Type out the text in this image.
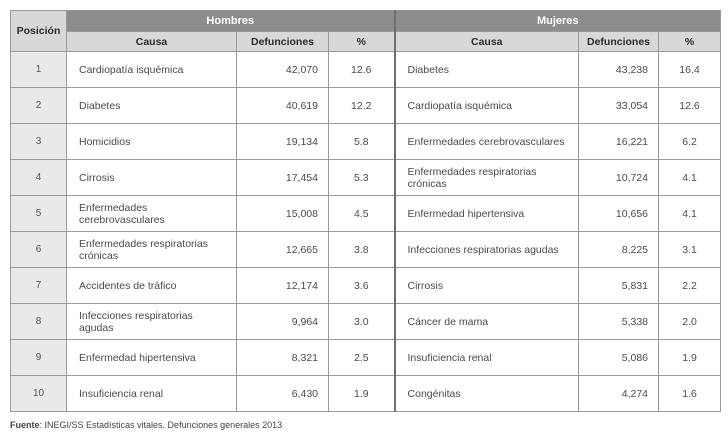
Posición	Hombres			Mujeres		
	Causa	Defunciones	%	Causa	Defunciones	%
1	Cardiopatía isquémica	42,070	12.6	Diabetes	43,238	16.4
2	Diabetes	40,619	12.2	Cardiopatía isquémica	33,054	12.6
3	Homicidios	19,134	5.8	Enfermedades cerebrovasculares	16,221	6.2
4	Cirrosis	17,454	5.3	Enfermedades respiratorias crónicas	10,724	4.1
5	Enfermedades cerebrovasculares	15,008	4.5	Enfermedad hipertensiva	10,656	4.1
6	Enfermedades respiratorias crónicas	12,665	3.8	Infecciones respiratorias agudas	8,225	3.1
7	Accidentes de tráfico	12,174	3.6	Cirrosis	5,831	2.2
8	Infecciones respiratorias agudas	9,964	3.0	Cáncer de mama	5,338	2.0
9	Enfermedad hipertensiva	8,321	2.5	Insuficiencia renal	5,086	1.9
10	Insuficiencia renal	6,430	1.9	Congénitas	4,274	1.6
Fuente: INEGI/SS Estadísticas vitales. Defunciones generales 2013
